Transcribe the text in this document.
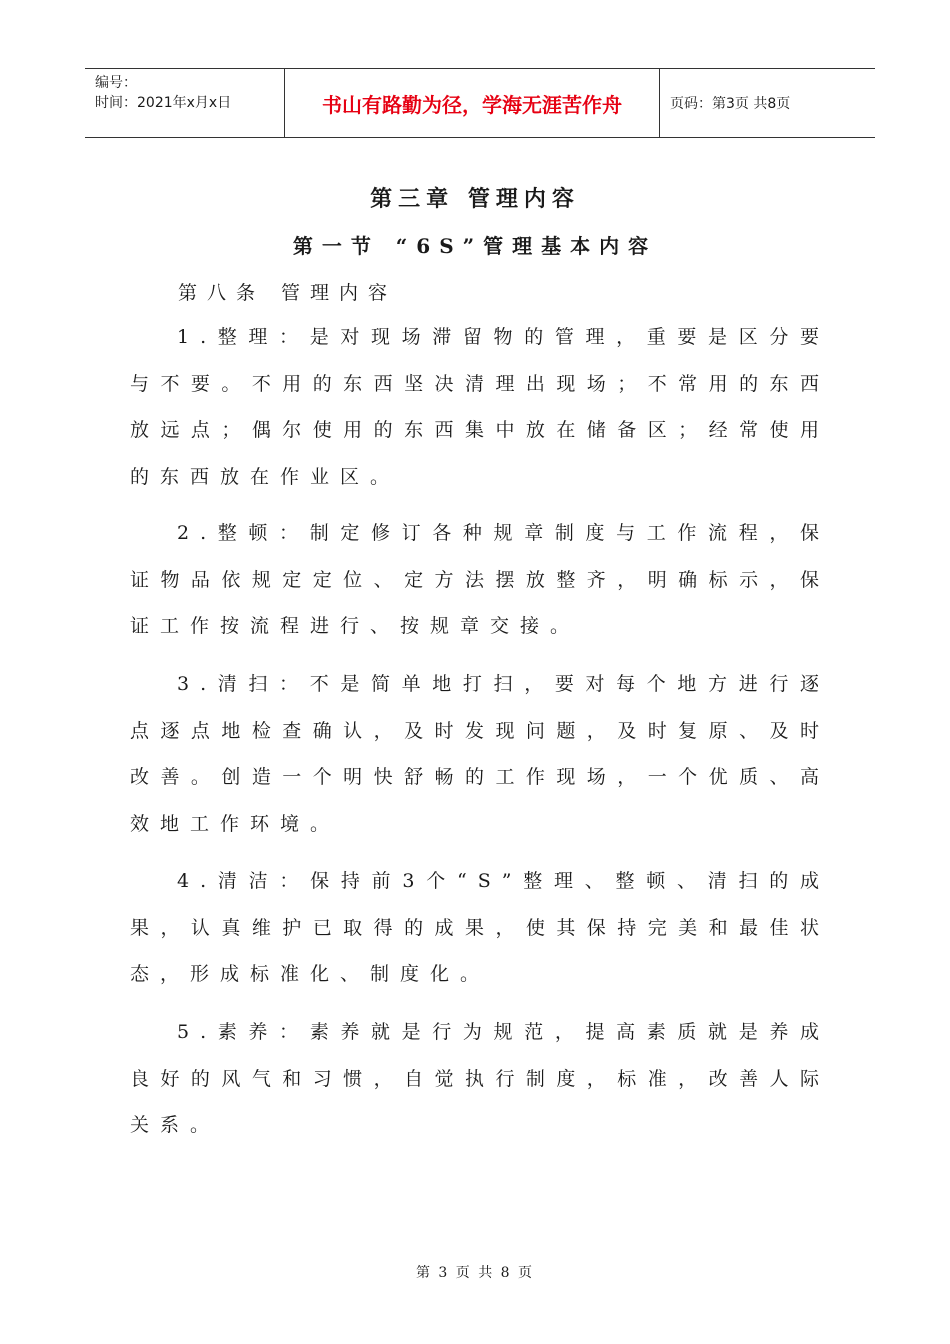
编号：
时间：2021年x月x日	书山有路勤为径，学海无涯苦作舟	页码：第3页 共8页
第三章 管理内容
第一节 “6S”管理基本内容
第八条 管理内容

1.整理：是对现场滞留物的管理，重要是区分要与不要。不用的东西坚决清理出现场；不常用的东西放远点；偶尔使用的东西集中放在储备区；经常使用的东西放在作业区。

2.整顿：制定修订各种规章制度与工作流程，保证物品依规定定位、定方法摆放整齐，明确标示，保证工作按流程进行、按规章交接。

3.清扫：不是简单地打扫，要对每个地方进行逐点逐点地检查确认，及时发现问题，及时复原、及时改善。创造一个明快舒畅的工作现场，一个优质、高效地工作环境。

4.清洁：保持前3个“S”整理、整顿、清扫的成果，认真维护已取得的成果，使其保持完美和最佳状态，形成标准化、制度化。

5.素养：素养就是行为规范，提高素质就是养成良好的风气和习惯，自觉执行制度，标准，改善人际关系。

第 3 页 共 8 页
